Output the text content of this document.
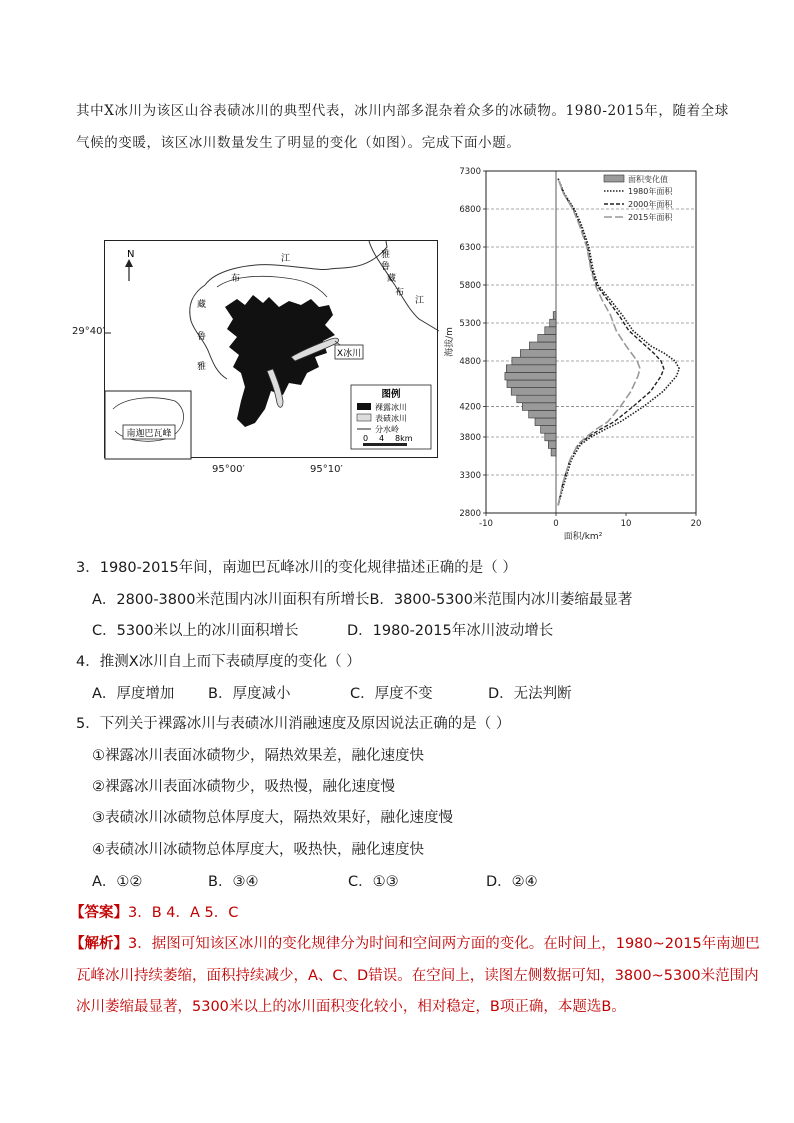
其中Ⅹ冰川为该区山谷表碛冰川的典型代表，冰川内部多混杂着众多的冰碛物。1980-2015年，随着全球
气候的变暖，该区冰川数量发生了明显的变化（如图）。完成下面小题。
X冰川
N
布
藏
鲁
雅
江	雅
鲁
藏
布
江
南迦巴瓦峰
图例
裸露冰川
表碛冰川
分水岭
0 4 8km
29°40′
95°00′	95°10′
2800
3300
3800
4200
4800
5300
5800
6300
6800
7300
-10	0	10	20
海拔/m
面积/km²
面积变化值
1980年面积
2000年面积
2015年面积
3．1980-2015年间，南迦巴瓦峰冰川的变化规律描述正确的是（ ）
A．2800-3800米范围内冰川面积有所增长B．3800-5300米范围内冰川萎缩最显著
C．5300米以上的冰川面积增长	D．1980-2015年冰川波动增长
4．推测Ⅹ冰川自上而下表碛厚度的变化（ ）
A．厚度增加 B．厚度减小	C．厚度不变	D．无法判断
5．下列关于裸露冰川与表碛冰川消融速度及原因说法正确的是（ ）
①裸露冰川表面冰碛物少，隔热效果差，融化速度快
②裸露冰川表面冰碛物少，吸热慢，融化速度慢
③表碛冰川冰碛物总体厚度大，隔热效果好，融化速度慢
④表碛冰川冰碛物总体厚度大，吸热快，融化速度快
A．①②	B．③④	C．①③	D．②④
【答案】3．B 4．A 5．C
【解析】3．据图可知该区冰川的变化规律分为时间和空间两方面的变化。在时间上，1980~2015年南迦巴
瓦峰冰川持续萎缩，面积持续减少，A、C、D错误。在空间上，读图左侧数据可知，3800~5300米范围内
冰川萎缩最显著，5300米以上的冰川面积变化较小，相对稳定，B项正确，本题选B。
